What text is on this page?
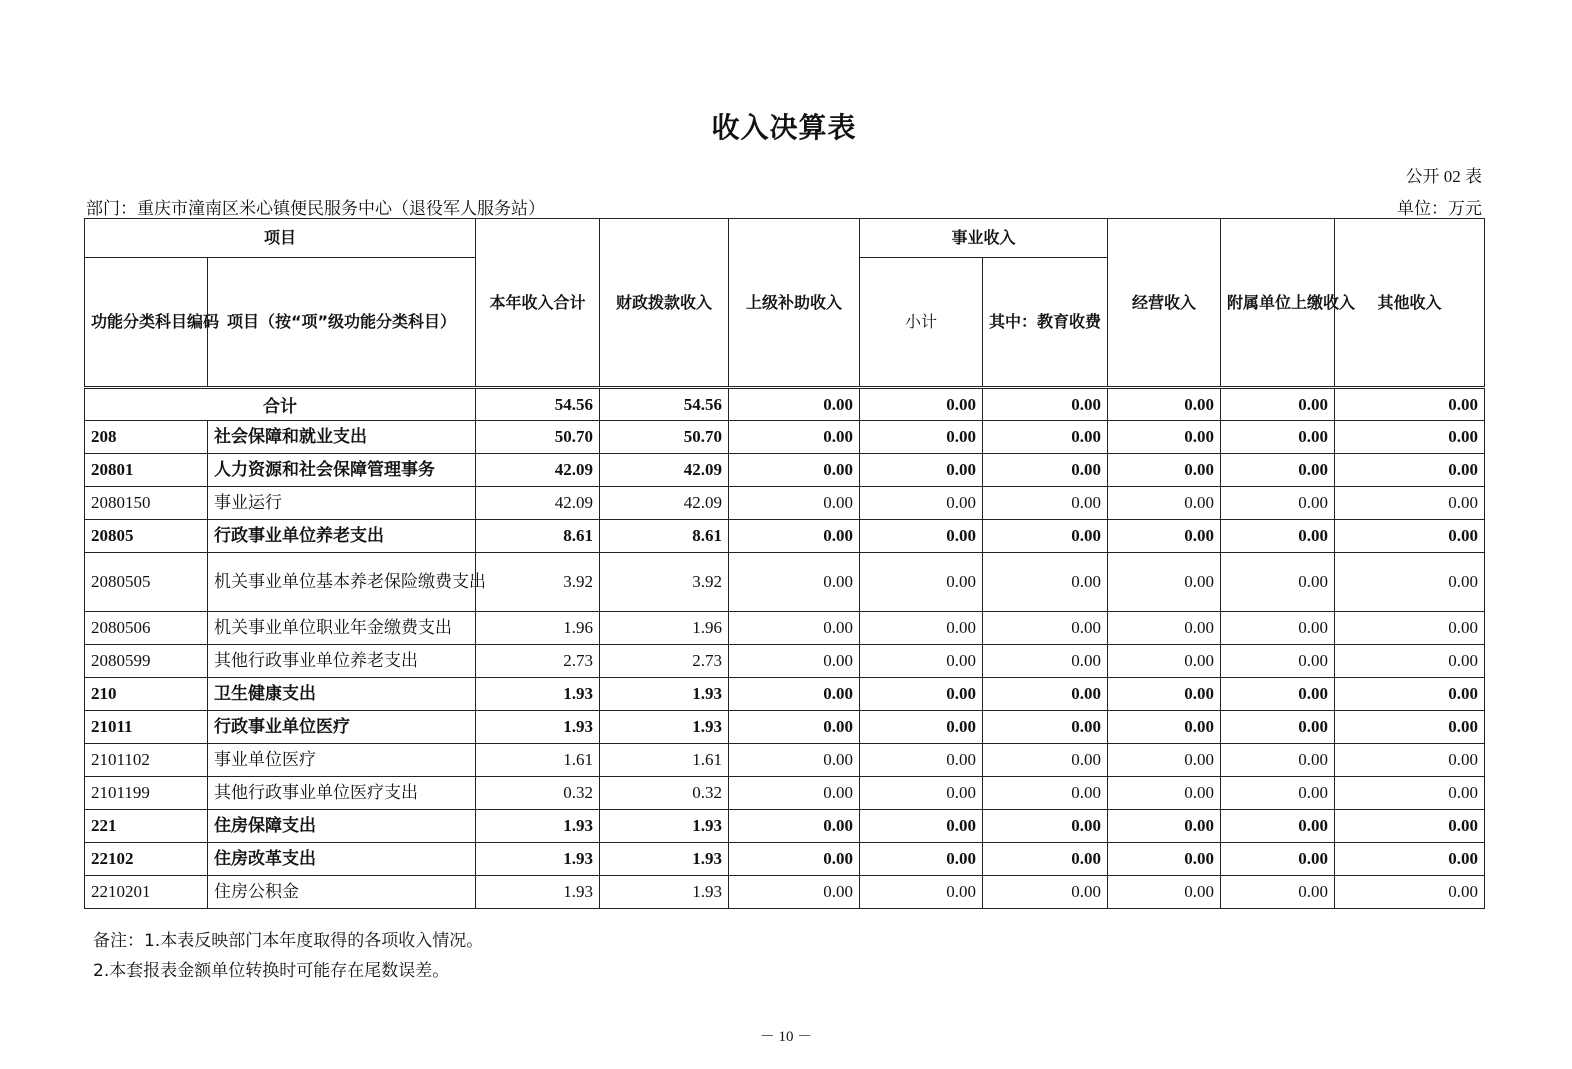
收入决算表
公开 02 表
部门：重庆市潼南区米心镇便民服务中心（退役军人服务站）	单位：万元
项目		本年收入合计	财政拨款收入	上级补助收入	事业收入		经营收入	附属单位上缴收入	其他收入
功能分类科目编码	项目（按“项”级功能分类科目）				小计	其中：教育收费			
合计		54.56	54.56	0.00	0.00	0.00	0.00	0.00	0.00
208	社会保障和就业支出	50.70	50.70	0.00	0.00	0.00	0.00	0.00	0.00
20801	人力资源和社会保障管理事务	42.09	42.09	0.00	0.00	0.00	0.00	0.00	0.00
2080150	事业运行	42.09	42.09	0.00	0.00	0.00	0.00	0.00	0.00
20805	行政事业单位养老支出	8.61	8.61	0.00	0.00	0.00	0.00	0.00	0.00
2080505	机关事业单位基本养老保险缴费支出	3.92	3.92	0.00	0.00	0.00	0.00	0.00	0.00
2080506	机关事业单位职业年金缴费支出	1.96	1.96	0.00	0.00	0.00	0.00	0.00	0.00
2080599	其他行政事业单位养老支出	2.73	2.73	0.00	0.00	0.00	0.00	0.00	0.00
210	卫生健康支出	1.93	1.93	0.00	0.00	0.00	0.00	0.00	0.00
21011	行政事业单位医疗	1.93	1.93	0.00	0.00	0.00	0.00	0.00	0.00
2101102	事业单位医疗	1.61	1.61	0.00	0.00	0.00	0.00	0.00	0.00
2101199	其他行政事业单位医疗支出	0.32	0.32	0.00	0.00	0.00	0.00	0.00	0.00
221	住房保障支出	1.93	1.93	0.00	0.00	0.00	0.00	0.00	0.00
22102	住房改革支出	1.93	1.93	0.00	0.00	0.00	0.00	0.00	0.00
2210201	住房公积金	1.93	1.93	0.00	0.00	0.00	0.00	0.00	0.00
备注：1.本表反映部门本年度取得的各项收入情况。
2.本套报表金额单位转换时可能存在尾数误差。
－ 10 －
